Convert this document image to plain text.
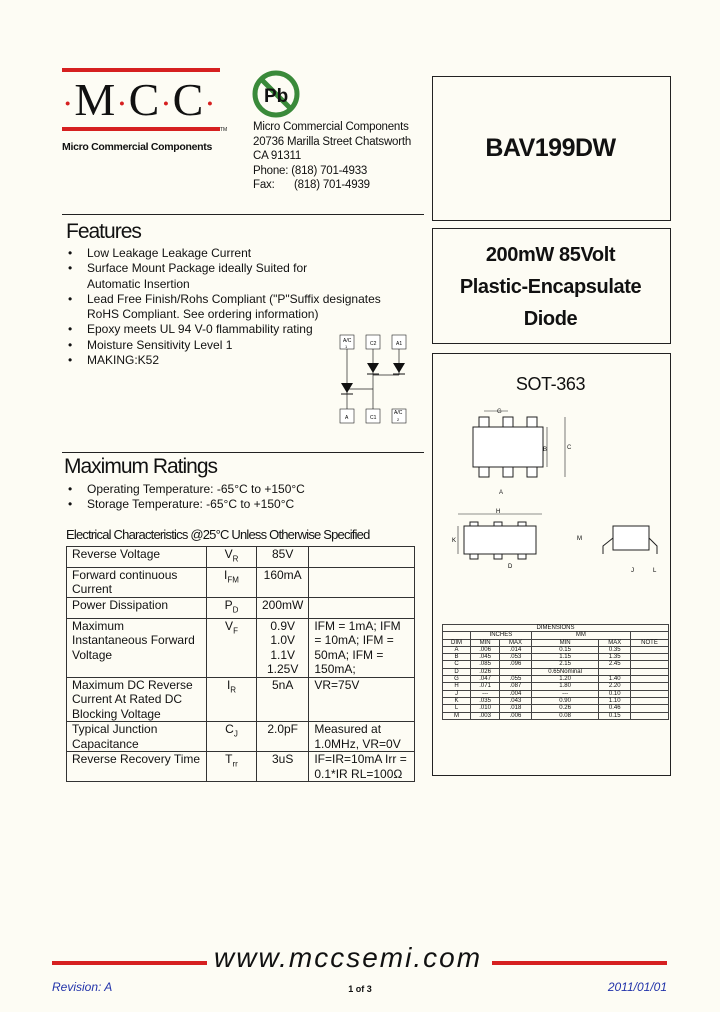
·M·C·C·
TM
Micro Commercial Components
Pb
Micro Commercial Components
20736 Marilla Street Chatsworth
CA 91311
Phone: (818) 701-4933
Fax: (818) 701-4939
BAV199DW
200mW 85Volt
Plastic-Encapsulate
Diode
SOT-363
G
B	C
A
H
K
D
M
L
J
DIMENSIONS					
	INCHES		MM		
DIM	MIN	MAX	MIN	MAX	NOTE
A	.006	.014	0.15	0.35	
B	.045	.053	1.15	1.35	
C	.085	.096	2.15	2.45	
D	.026		0.65Nominal		
G	.047	.055	1.20	1.40	
H	.071	.087	1.80	2.20	
J	---	.004	---	0.10	
K	.035	.043	0.90	1.10	
L	.010	.018	0.26	0.46	
M	.003	.006	0.08	0.15	
Features
• Low Leakage Leakage Current
• Surface Mount Package ideally Suited for
Automatic Insertion
• Lead Free Finish/Rohs Compliant ("P"Suffix designates
RoHS Compliant. See ordering information)
• Epoxy meets UL 94 V-0 flammability rating
• Moisture Sensitivity Level 1
• MAKING:K52
A/C	C2	A1
1
A	C1
A/C
2
Maximum Ratings
• Operating Temperature: -65°C to +150°C
• Storage Temperature: -65°C to +150°C
Electrical Characteristics @25°C Unless Otherwise Specified
Reverse Voltage	$V_R$	85V	
Forward continuous Current	$I_{FM}$	160mA	
Power Dissipation	$P_D$	200mW	
Maximum Instantaneous Forward Voltage	$V_F$	0.9V 1.0V 1.1V 1.25V	IFM = 1mA; IFM = 10mA; IFM = 50mA; IFM = 150mA;
Maximum DC Reverse Current At Rated DC Blocking Voltage	$I_R$	5nA	VR=75V
Typical Junction Capacitance	$C_J$	2.0pF	Measured at 1.0MHz, VR=0V
Reverse Recovery Time	$T_{rr}$	3uS	IF=IR=10mA Irr = 0.1*IR RL=100Ω
www.mccsemi.com
Revision: A	1 of 3	2011/01/01
